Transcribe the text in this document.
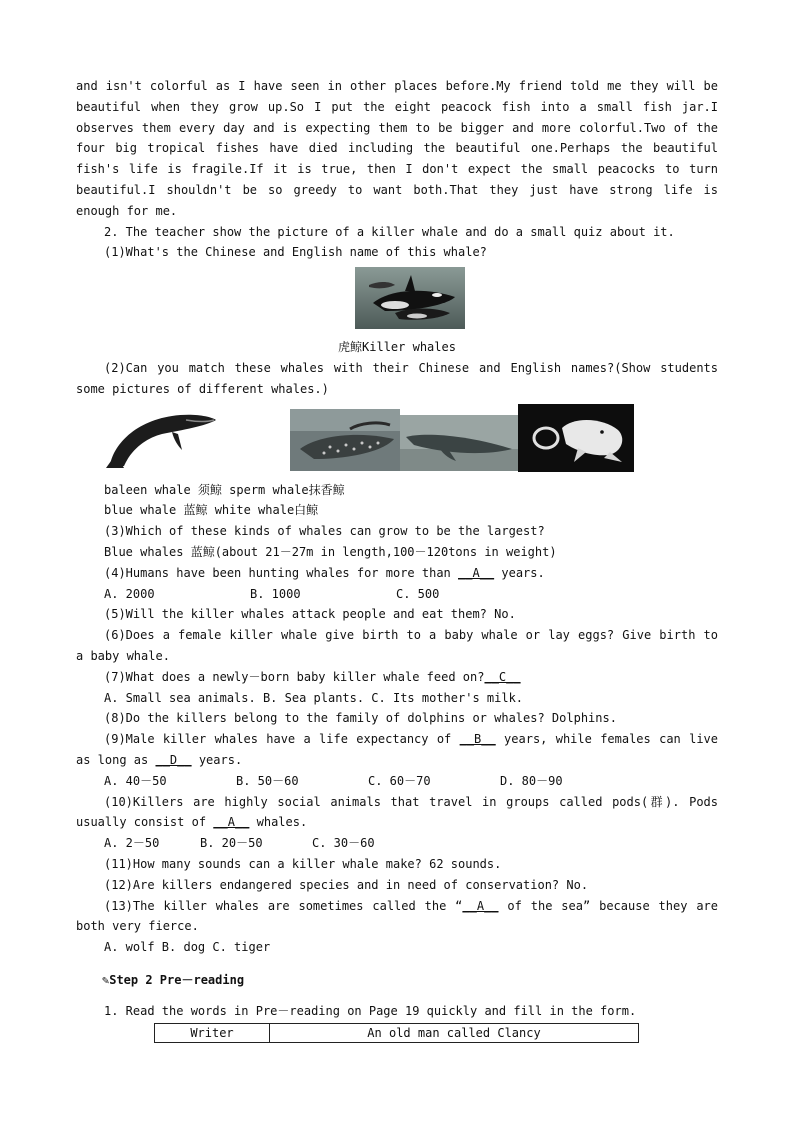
and isn't colorful as I have seen in other places before.My friend told me they will be beautiful when they grow up.So I put the eight peacock fish into a small fish jar.I observes them every day and is expecting them to be bigger and more colorful.Two of the four big tropical fishes have died including the beautiful one.Perhaps the beautiful fish's life is fragile.If it is true, then I don't expect the small peacocks to turn beautiful.I shouldn't be so greedy to want both.That they just have strong life is enough for me.

2. The teacher show the picture of a killer whale and do a small quiz about it.

(1)What's the Chinese and English name of this whale?

虎鲸Killer whales

(2)Can you match these whales with their Chinese and English names?(Show students some pictures of different whales.)

baleen whale 须鲸 sperm whale抹香鲸

blue whale 蓝鲸 white whale白鲸

(3)Which of these kinds of whales can grow to be the largest?

Blue whales 蓝鲸(about 21－27m in length,100－120tons in weight)

(4)Humans have been hunting whales for more than __A__ years.

A. 2000	B. 1000	C. 500

(5)Will the killer whales attack people and eat them? No.

(6)Does a female killer whale give birth to a baby whale or lay eggs? Give birth to a baby whale.

(7)What does a newly－born baby killer whale feed on?__C__

A. Small sea animals. B. Sea plants. C. Its mother's milk.

(8)Do the killers belong to the family of dolphins or whales? Dolphins.

(9)Male killer whales have a life expectancy of __B__ years, while females can live as long as __D__ years.

A. 40－50	B. 50－60	C. 60－70	D. 80－90

(10)Killers are highly social animals that travel in groups called pods(群). Pods usually consist of __A__ whales.

A. 2－50	B. 20－50	C. 30－60

(11)How many sounds can a killer whale make? 62 sounds.

(12)Are killers endangered species and in need of conservation? No.

(13)The killer whales are sometimes called the “__A__ of the sea” because they are both very fierce.

A. wolf B. dog C. tiger

✎Step 2 Pre－reading

1. Read the words in Pre－reading on Page 19 quickly and fill in the form.

Writer	An old man called Clancy
